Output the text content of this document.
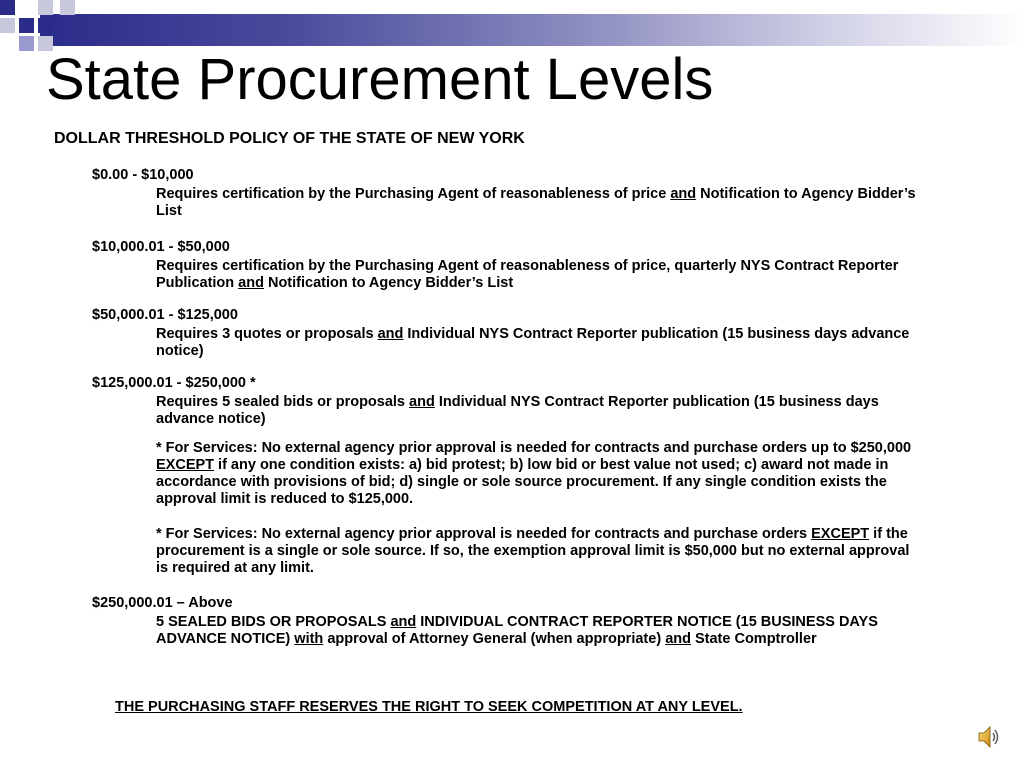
State Procurement Levels
DOLLAR THRESHOLD POLICY OF THE STATE OF NEW YORK
$0.00 - $10,000
Requires certification by the Purchasing Agent of reasonableness of price and Notification to Agency Bidder’s List
$10,000.01 - $50,000
Requires certification by the Purchasing Agent of reasonableness of price, quarterly NYS Contract Reporter Publication and Notification to Agency Bidder’s List
$50,000.01 - $125,000
Requires 3 quotes or proposals and Individual NYS Contract Reporter publication (15 business days advance notice)
$125,000.01 - $250,000 *
Requires 5 sealed bids or proposals and Individual NYS Contract Reporter publication (15 business days advance notice)
* For Services: No external agency prior approval is needed for contracts and purchase orders up to $250,000 EXCEPT if any one condition exists: a) bid protest; b) low bid or best value not used; c) award not made in accordance with provisions of bid; d) single or sole source procurement. If any single condition exists the approval limit is reduced to $125,000.
* For Services: No external agency prior approval is needed for contracts and purchase orders EXCEPT if the procurement is a single or sole source. If so, the exemption approval limit is $50,000 but no external approval is required at any limit.
$250,000.01 – Above
5 SEALED BIDS OR PROPOSALS and INDIVIDUAL CONTRACT REPORTER NOTICE (15 BUSINESS DAYS ADVANCE NOTICE) with approval of Attorney General (when appropriate) and State Comptroller
THE PURCHASING STAFF RESERVES THE RIGHT TO SEEK COMPETITION AT ANY LEVEL.
